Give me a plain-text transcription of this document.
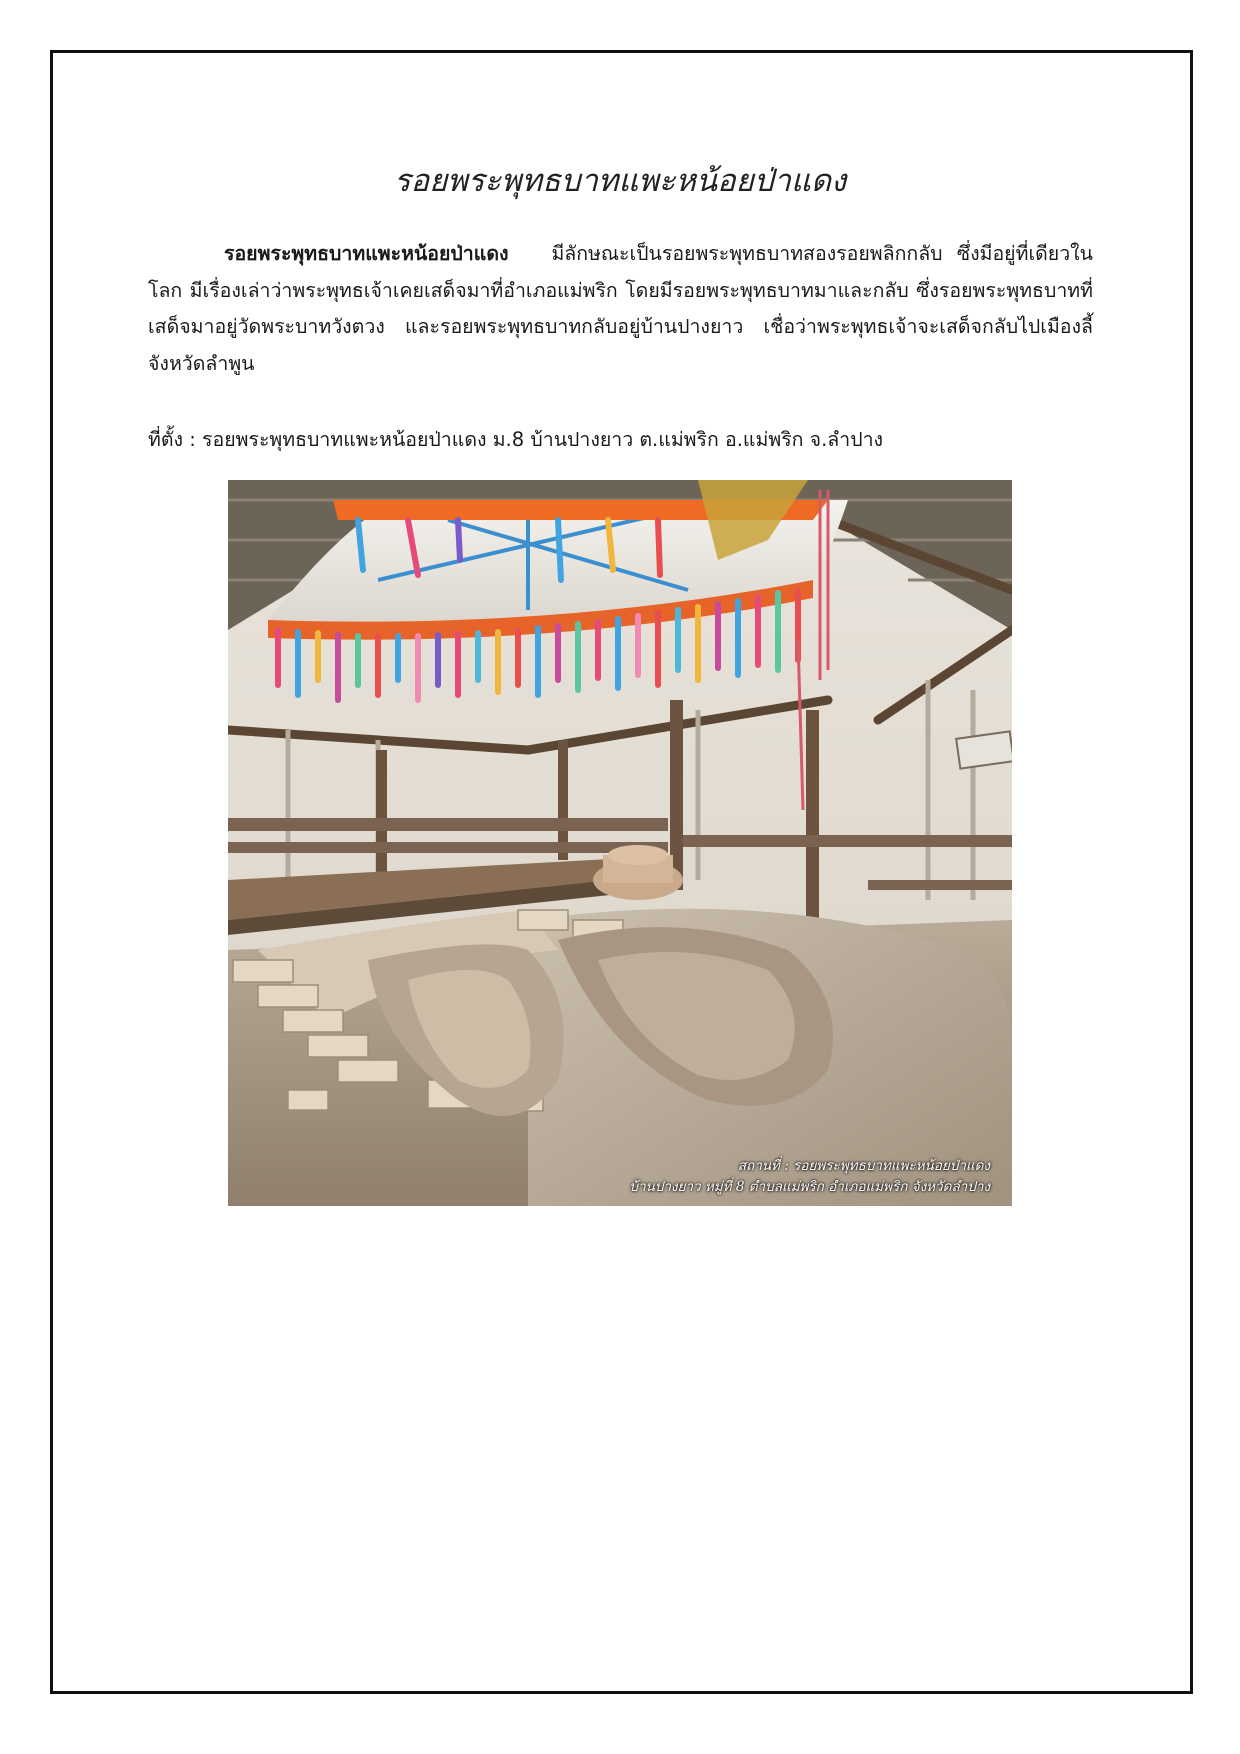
รอยพระพุทธบาทแพะหน้อยป่าแดง

รอยพระพุทธบาทแพะหน้อยป่าแดง มีลักษณะเป็นรอยพระพุทธบาทสองรอยพลิกกลับ ซึ่งมีอยู่ที่เดียวในโลก มีเรื่องเล่าว่าพระพุทธเจ้าเคยเสด็จมาที่อำเภอแม่พริก โดยมีรอยพระพุทธบาทมาและกลับ ซึ่งรอยพระพุทธบาทที่เสด็จมาอยู่วัดพระบาทวังตวง และรอยพระพุทธบาทกลับอยู่บ้านปางยาว เชื่อว่าพระพุทธเจ้าจะเสด็จกลับไปเมืองลี้ จังหวัดลำพูน

ที่ตั้ง : รอยพระพุทธบาทแพะหน้อยป่าแดง ม.8 บ้านปางยาว ต.แม่พริก อ.แม่พริก จ.ลำปาง

สถานที่ : รอยพระพุทธบาทแพะหน้อยป่าแดง
บ้านปางยาว หมู่ที่ 8 ตำบลแม่พริก อำเภอแม่พริก จังหวัดลำปาง
